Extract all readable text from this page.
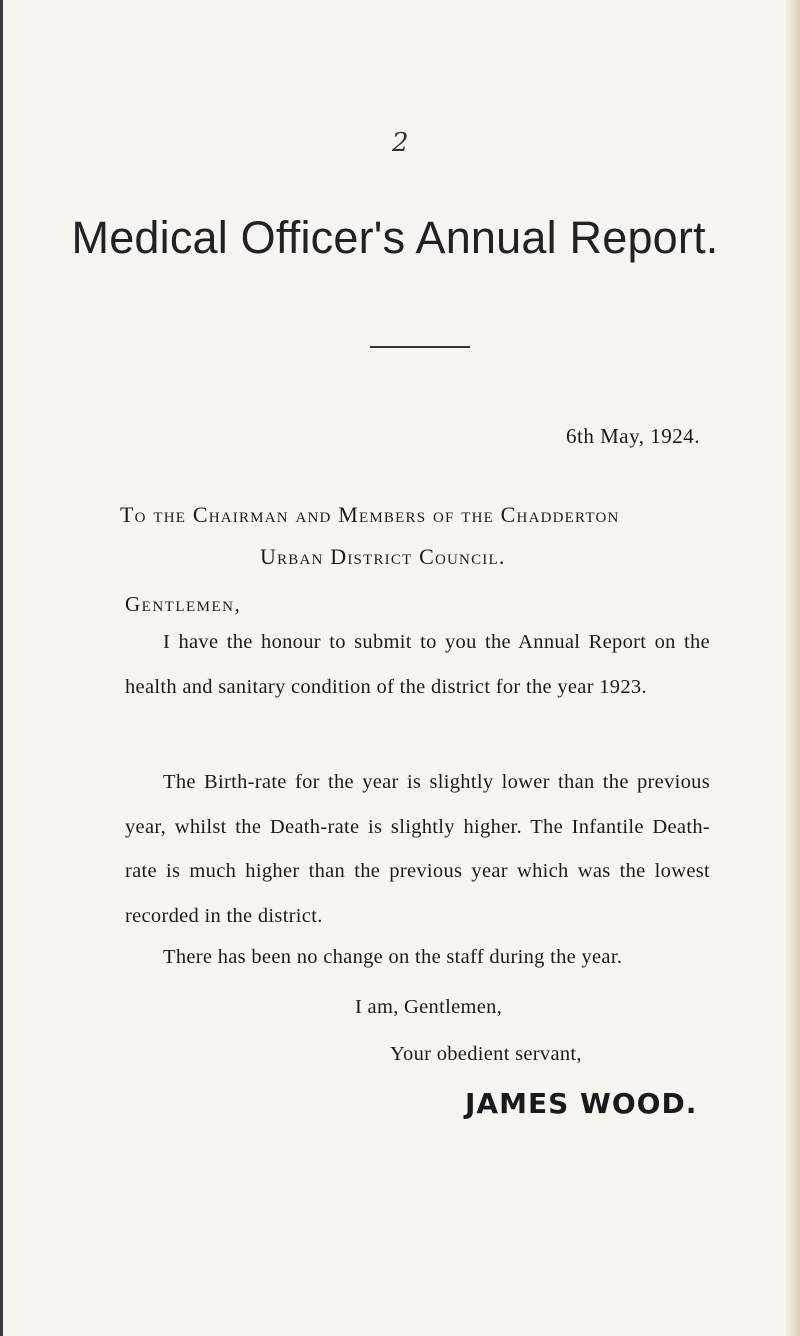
2
Medical Officer's Annual Report.
6th May, 1924.
To the Chairman and Members of the Chadderton
Urban District Council.
Gentlemen,
I have the honour to submit to you the Annual Report on the health and sanitary condition of the district for the year 1923.
The Birth-rate for the year is slightly lower than the previous year, whilst the Death-rate is slightly higher. The Infantile Death-rate is much higher than the previous year which was the lowest recorded in the district.
There has been no change on the staff during the year.
I am, Gentlemen,
Your obedient servant,
JAMES WOOD.
